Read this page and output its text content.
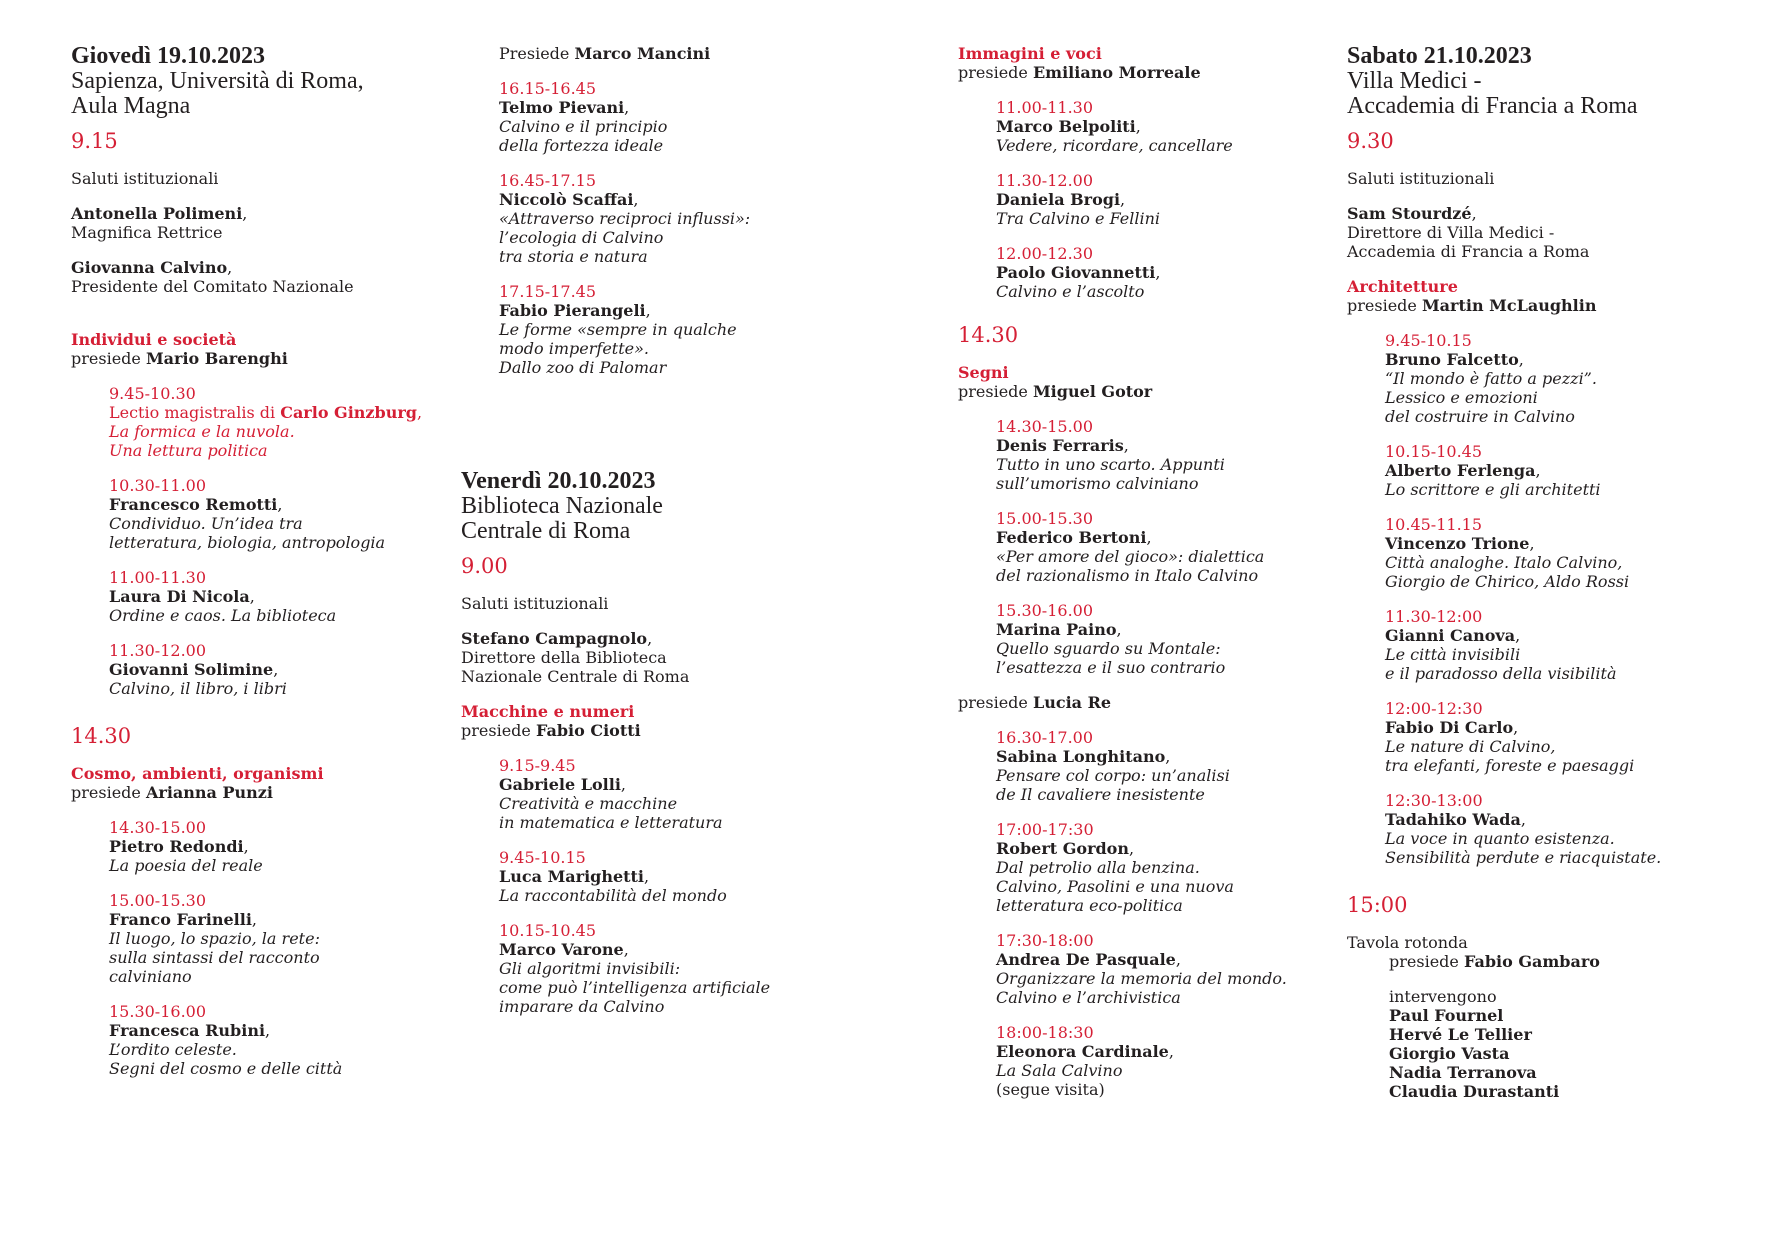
Giovedì 19.10.2023
Sapienza, Università di Roma,
Aula Magna
9.15
Saluti istituzionali
Antonella Polimeni,
Magnifica Rettrice
Giovanna Calvino,
Presidente del Comitato Nazionale
Individui e società
presiede Mario Barenghi
9.45-10.30
Lectio magistralis di Carlo Ginzburg,
La formica e la nuvola.
Una lettura politica
10.30-11.00
Francesco Remotti,
Condividuo. Un’idea tra
letteratura, biologia, antropologia
11.00-11.30
Laura Di Nicola,
Ordine e caos. La biblioteca
11.30-12.00
Giovanni Solimine,
Calvino, il libro, i libri
14.30
Cosmo, ambienti, organismi
presiede Arianna Punzi
14.30-15.00
Pietro Redondi,
La poesia del reale
15.00-15.30
Franco Farinelli,
Il luogo, lo spazio, la rete:
sulla sintassi del racconto
calviniano
15.30-16.00
Francesca Rubini,
L’ordito celeste.
Segni del cosmo e delle città
Presiede Marco Mancini
16.15-16.45
Telmo Pievani,
Calvino e il principio
della fortezza ideale
16.45-17.15
Niccolò Scaffai,
«Attraverso reciproci influssi»:
l’ecologia di Calvino
tra storia e natura
17.15-17.45
Fabio Pierangeli,
Le forme «sempre in qualche
modo imperfette».
Dallo zoo di Palomar
Venerdì 20.10.2023
Biblioteca Nazionale
Centrale di Roma
9.00
Saluti istituzionali
Stefano Campagnolo,
Direttore della Biblioteca
Nazionale Centrale di Roma
Macchine e numeri
presiede Fabio Ciotti
9.15-9.45
Gabriele Lolli,
Creatività e macchine
in matematica e letteratura
9.45-10.15
Luca Marighetti,
La raccontabilità del mondo
10.15-10.45
Marco Varone,
Gli algoritmi invisibili:
come può l’intelligenza artificiale
imparare da Calvino
Immagini e voci
presiede Emiliano Morreale
11.00-11.30
Marco Belpoliti,
Vedere, ricordare, cancellare
11.30-12.00
Daniela Brogi,
Tra Calvino e Fellini
12.00-12.30
Paolo Giovannetti,
Calvino e l’ascolto
14.30
Segni
presiede Miguel Gotor
14.30-15.00
Denis Ferraris,
Tutto in uno scarto. Appunti
sull’umorismo calviniano
15.00-15.30
Federico Bertoni,
«Per amore del gioco»: dialettica
del razionalismo in Italo Calvino
15.30-16.00
Marina Paino,
Quello sguardo su Montale:
l’esattezza e il suo contrario
presiede Lucia Re
16.30-17.00
Sabina Longhitano,
Pensare col corpo: un’analisi
de Il cavaliere inesistente
17:00-17:30
Robert Gordon,
Dal petrolio alla benzina.
Calvino, Pasolini e una nuova
letteratura eco-politica
17:30-18:00
Andrea De Pasquale,
Organizzare la memoria del mondo.
Calvino e l’archivistica
18:00-18:30
Eleonora Cardinale,
La Sala Calvino
(segue visita)
Sabato 21.10.2023
Villa Medici -
Accademia di Francia a Roma
9.30
Saluti istituzionali
Sam Stourdzé,
Direttore di Villa Medici -
Accademia di Francia a Roma
Architetture
presiede Martin McLaughlin
9.45-10.15
Bruno Falcetto,
“Il mondo è fatto a pezzi”.
Lessico e emozioni
del costruire in Calvino
10.15-10.45
Alberto Ferlenga,
Lo scrittore e gli architetti
10.45-11.15
Vincenzo Trione,
Città analoghe. Italo Calvino,
Giorgio de Chirico, Aldo Rossi
11.30-12:00
Gianni Canova,
Le città invisibili
e il paradosso della visibilità
12:00-12:30
Fabio Di Carlo,
Le nature di Calvino,
tra elefanti, foreste e paesaggi
12:30-13:00
Tadahiko Wada,
La voce in quanto esistenza.
Sensibilità perdute e riacquistate.
15:00
Tavola rotonda
presiede Fabio Gambaro
intervengono
Paul Fournel
Hervé Le Tellier
Giorgio Vasta
Nadia Terranova
Claudia Durastanti
